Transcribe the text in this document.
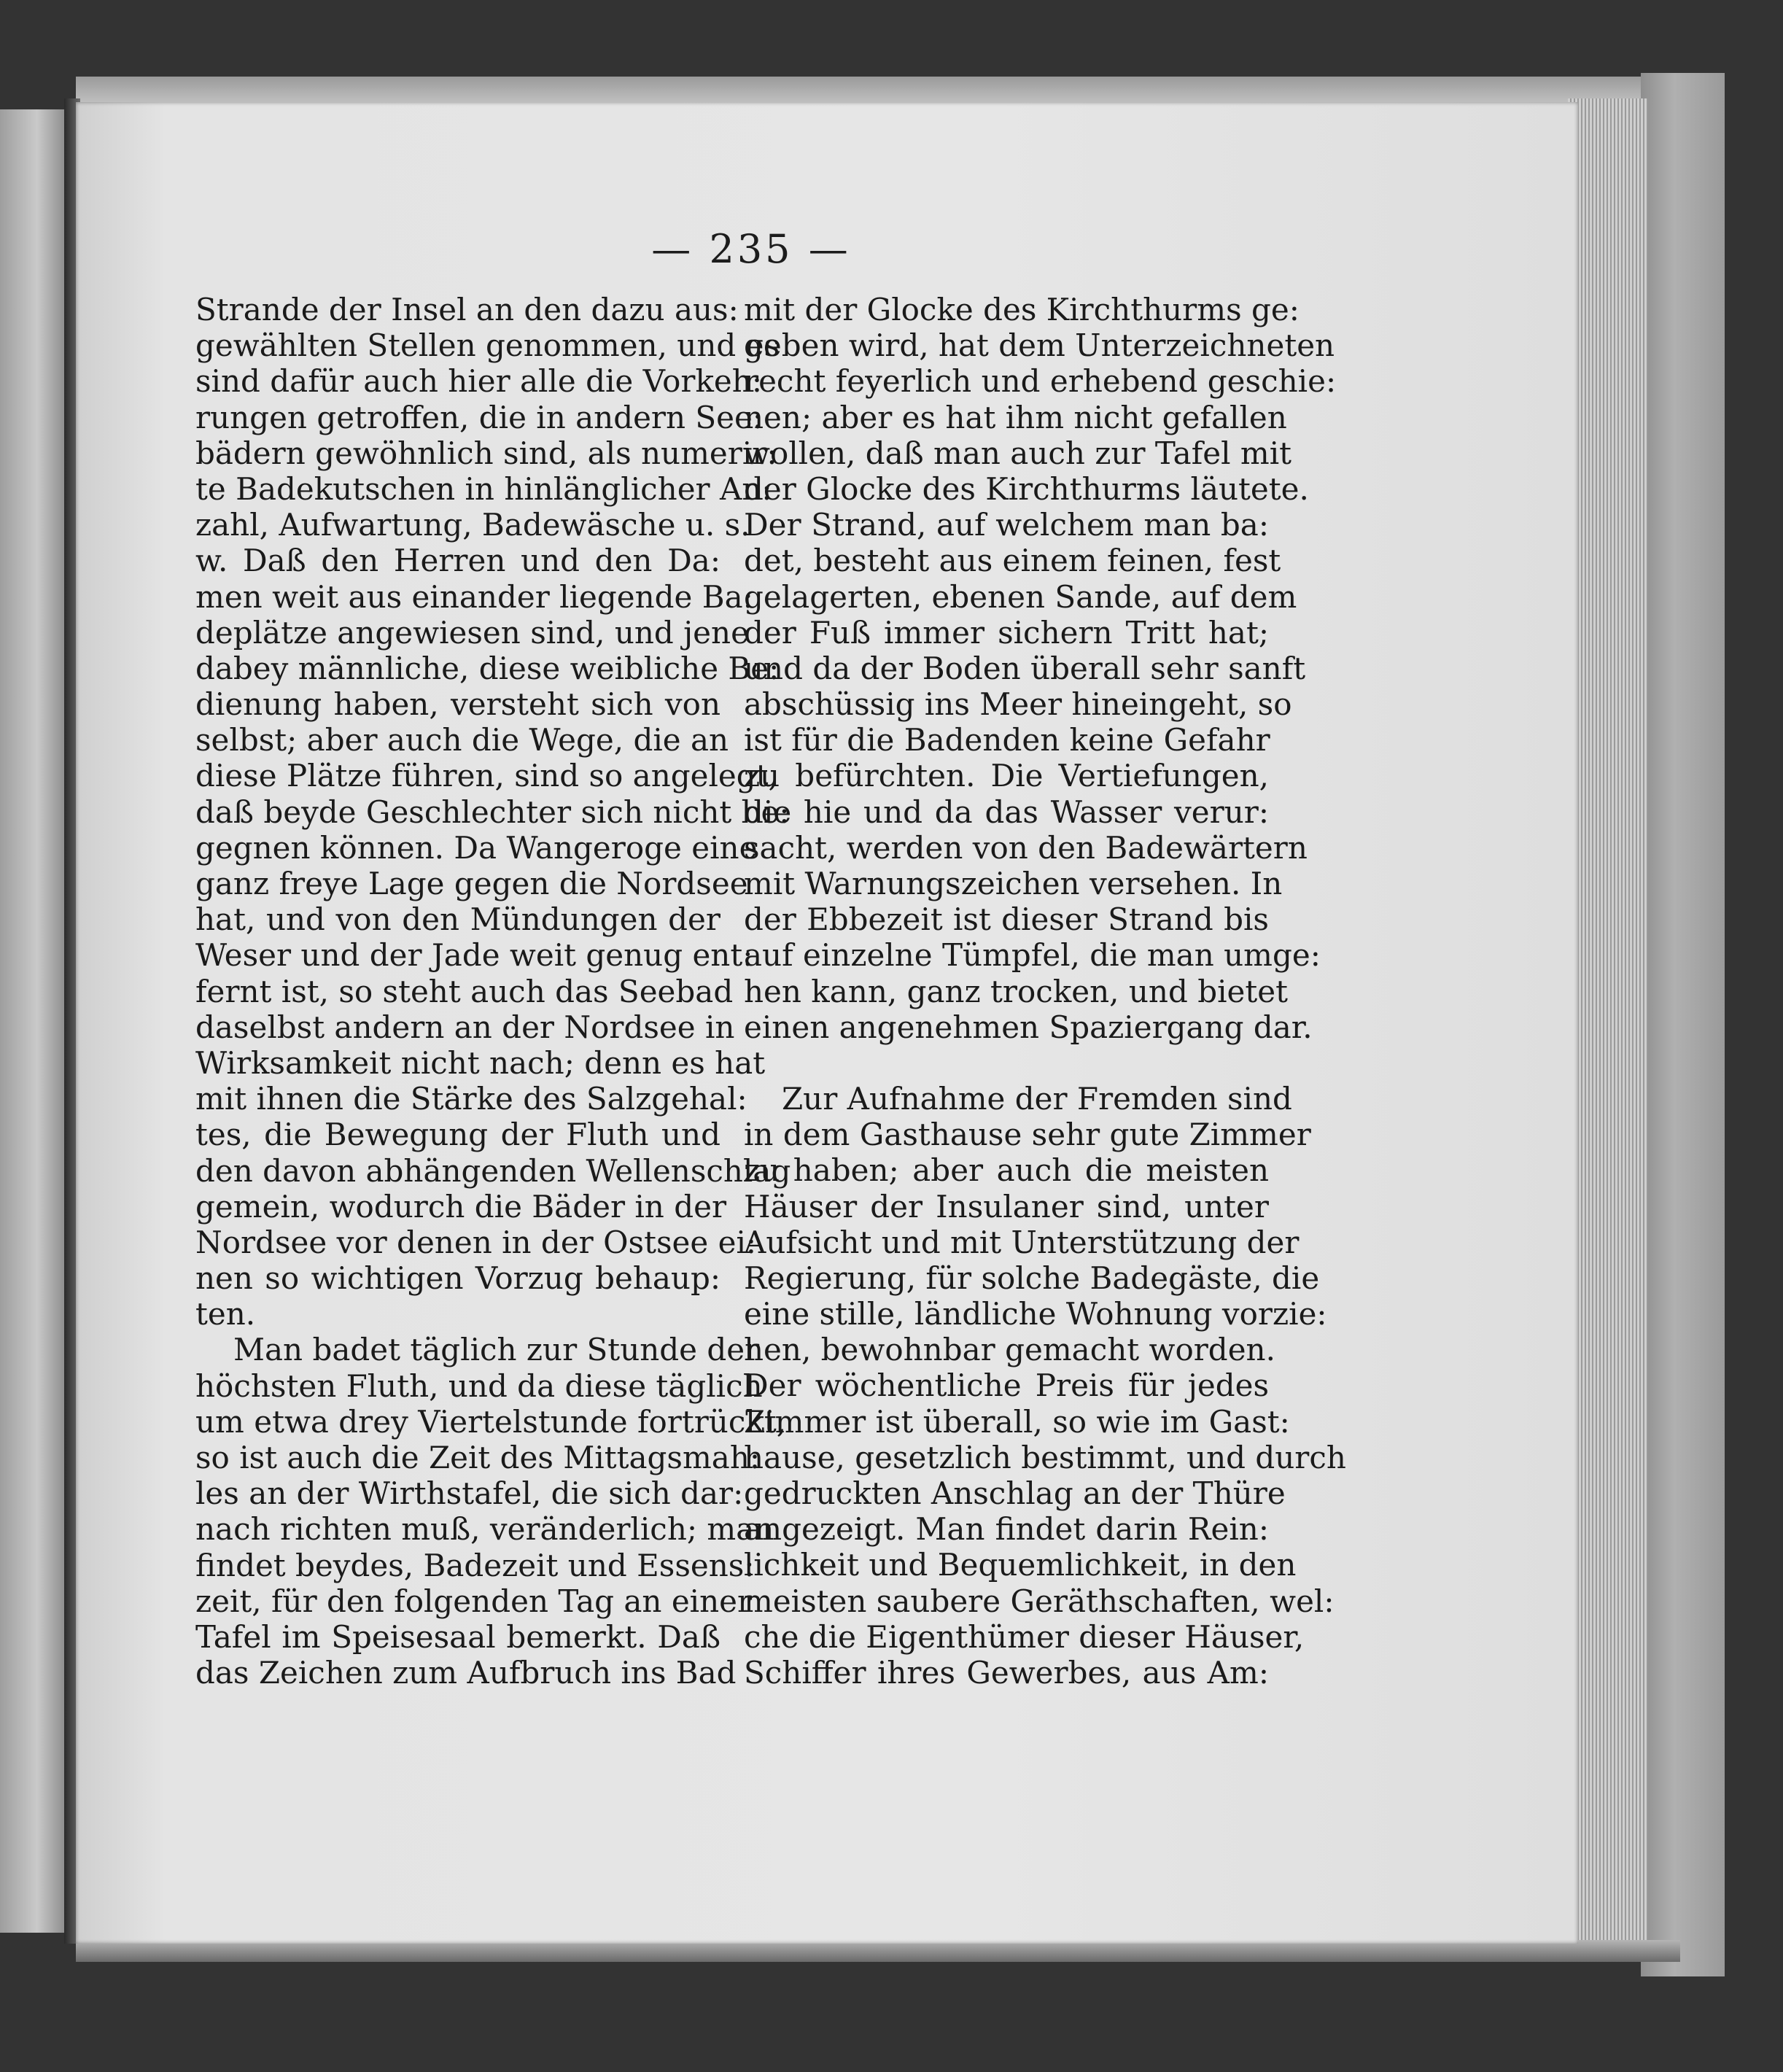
— 235 —
Strande der Insel an den dazu aus:
gewählten Stellen genommen, und es
sind dafür auch hier alle die Vorkeh:
rungen getroffen, die in andern See:
bädern gewöhnlich sind, als numerir:
te Badekutschen in hinlänglicher An:
zahl, Aufwartung, Badewäsche u. s.
w. Daß den Herren und den Da:
men weit aus einander liegende Ba:
deplätze angewiesen sind, und jene
dabey männliche, diese weibliche Be:
dienung haben, versteht sich von
selbst; aber auch die Wege, die an
diese Plätze führen, sind so angelegt,
daß beyde Geschlechter sich nicht be:
gegnen können. Da Wangeroge eine
ganz freye Lage gegen die Nordsee
hat, und von den Mündungen der
Weser und der Jade weit genug ent:
fernt ist, so steht auch das Seebad
daselbst andern an der Nordsee in
Wirksamkeit nicht nach; denn es hat
mit ihnen die Stärke des Salzgehal:
tes, die Bewegung der Fluth und
den davon abhängenden Wellenschlag
gemein, wodurch die Bäder in der
Nordsee vor denen in der Ostsee ei:
nen so wichtigen Vorzug behaup:
ten.
Man badet täglich zur Stunde der
höchsten Fluth, und da diese täglich
um etwa drey Viertelstunde fortrückt,
so ist auch die Zeit des Mittagsmah:
les an der Wirthstafel, die sich dar:
nach richten muß, veränderlich; man
findet beydes, Badezeit und Essens:
zeit, für den folgenden Tag an einer
Tafel im Speisesaal bemerkt. Daß
das Zeichen zum Aufbruch ins Bad
mit der Glocke des Kirchthurms ge:
geben wird, hat dem Unterzeichneten
recht feyerlich und erhebend geschie:
nen; aber es hat ihm nicht gefallen
wollen, daß man auch zur Tafel mit
der Glocke des Kirchthurms läutete.
Der Strand, auf welchem man ba:
det, besteht aus einem feinen, fest
gelagerten, ebenen Sande, auf dem
der Fuß immer sichern Tritt hat;
und da der Boden überall sehr sanft
abschüssig ins Meer hineingeht, so
ist für die Badenden keine Gefahr
zu befürchten. Die Vertiefungen,
die hie und da das Wasser verur:
sacht, werden von den Badewärtern
mit Warnungszeichen versehen. In
der Ebbezeit ist dieser Strand bis
auf einzelne Tümpfel, die man umge:
hen kann, ganz trocken, und bietet
einen angenehmen Spaziergang dar.
Zur Aufnahme der Fremden sind
in dem Gasthause sehr gute Zimmer
zu haben; aber auch die meisten
Häuser der Insulaner sind, unter
Aufsicht und mit Unterstützung der
Regierung, für solche Badegäste, die
eine stille, ländliche Wohnung vorzie:
hen, bewohnbar gemacht worden.
Der wöchentliche Preis für jedes
Zimmer ist überall, so wie im Gast:
hause, gesetzlich bestimmt, und durch
gedruckten Anschlag an der Thüre
angezeigt. Man findet darin Rein:
lichkeit und Bequemlichkeit, in den
meisten saubere Geräthschaften, wel:
che die Eigenthümer dieser Häuser,
Schiffer ihres Gewerbes, aus Am:
